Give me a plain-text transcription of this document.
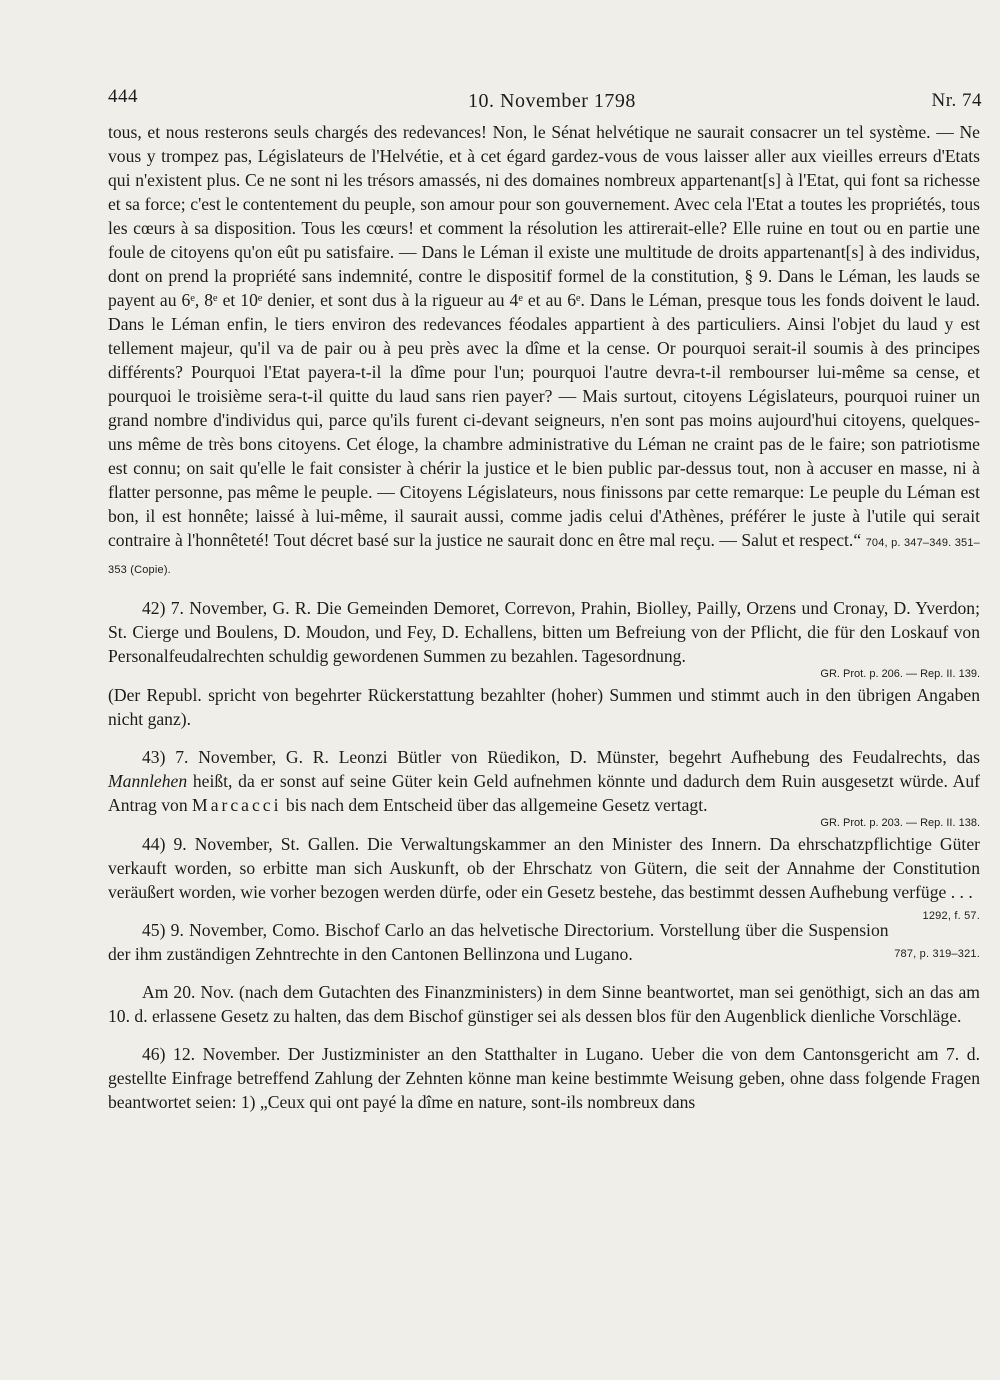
444	10. November 1798	Nr. 74

tous, et nous resterons seuls chargés des redevances! Non, le Sénat helvétique ne saurait consacrer un tel système. — Ne vous y trompez pas, Législateurs de l'Helvétie, et à cet égard gardez-vous de vous laisser aller aux vieilles erreurs d'Etats qui n'existent plus. Ce ne sont ni les trésors amassés, ni des domaines nombreux appartenant[s] à l'Etat, qui font sa richesse et sa force; c'est le contentement du peuple, son amour pour son gouvernement. Avec cela l'Etat a toutes les propriétés, tous les cœurs à sa disposition. Tous les cœurs! et comment la résolution les attirerait-elle? Elle ruine en tout ou en partie une foule de citoyens qu'on eût pu satisfaire. — Dans le Léman il existe une multitude de droits appartenant[s] à des individus, dont on prend la propriété sans indemnité, contre le dispositif formel de la constitution, § 9. Dans le Léman, les lauds se payent au 6ᵉ, 8ᵉ et 10ᵉ denier, et sont dus à la rigueur au 4ᵉ et au 6ᵉ. Dans le Léman, presque tous les fonds doivent le laud. Dans le Léman enfin, le tiers environ des redevances féodales appartient à des particuliers. Ainsi l'objet du laud y est tellement majeur, qu'il va de pair ou à peu près avec la dîme et la cense. Or pourquoi serait-il soumis à des principes différents? Pourquoi l'Etat payera-t-il la dîme pour l'un; pourquoi l'autre devra-t-il rembourser lui-même sa cense, et pourquoi le troisième sera-t-il quitte du laud sans rien payer? — Mais surtout, citoyens Législateurs, pourquoi ruiner un grand nombre d'individus qui, parce qu'ils furent ci-devant seigneurs, n'en sont pas moins aujourd'hui citoyens, quelques-uns même de très bons citoyens. Cet éloge, la chambre administrative du Léman ne craint pas de le faire; son patriotisme est connu; on sait qu'elle le fait consister à chérir la justice et le bien public par-dessus tout, non à accuser en masse, ni à flatter personne, pas même le peuple. — Citoyens Législateurs, nous finissons par cette remarque: Le peuple du Léman est bon, il est honnête; laissé à lui-même, il saurait aussi, comme jadis celui d'Athènes, préférer le juste à l'utile qui serait contraire à l'honnêteté! Tout décret basé sur la justice ne saurait donc en être mal reçu. — Salut et respect.“ 704, p. 347–349. 351–353 (Copie).

42) 7. November, G. R. Die Gemeinden Demoret, Correvon, Prahin, Biolley, Pailly, Orzens und Cronay, D. Yverdon; St. Cierge und Boulens, D. Moudon, und Fey, D. Echallens, bitten um Befreiung von der Pflicht, die für den Loskauf von Personalfeudalrechten schuldig gewordenen Summen zu bezahlen. Tagesordnung.
GR. Prot. p. 206. — Rep. II. 139.

(Der Republ. spricht von begehrter Rückerstattung bezahlter (hoher) Summen und stimmt auch in den übrigen Angaben nicht ganz).

43) 7. November, G. R. Leonzi Bütler von Rüedikon, D. Münster, begehrt Aufhebung des Feudalrechts, das Mannlehen heißt, da er sonst auf seine Güter kein Geld aufnehmen könnte und dadurch dem Ruin ausgesetzt würde. Auf Antrag von Marcacci bis nach dem Entscheid über das allgemeine Gesetz vertagt.
GR. Prot. p. 203. — Rep. II. 138.

44) 9. November, St. Gallen. Die Verwaltungskammer an den Minister des Innern. Da ehrschatzpflichtige Güter verkauft worden, so erbitte man sich Auskunft, ob der Ehrschatz von Gütern, die seit der Annahme der Constitution veräußert worden, wie vorher bezogen werden dürfe, oder ein Gesetz bestehe, das bestimmt dessen Aufhebung verfüge . . .
1292, f. 57.

45) 9. November, Como. Bischof Carlo an das helvetische Directorium. Vorstellung über die Suspension der ihm zuständigen Zehntrechte in den Cantonen Bellinzona und Lugano.	787, p. 319–321.

Am 20. Nov. (nach dem Gutachten des Finanzministers) in dem Sinne beantwortet, man sei genöthigt, sich an das am 10. d. erlassene Gesetz zu halten, das dem Bischof günstiger sei als dessen blos für den Augenblick dienliche Vorschläge.

46) 12. November. Der Justizminister an den Statthalter in Lugano. Ueber die von dem Cantonsgericht am 7. d. gestellte Einfrage betreffend Zahlung der Zehnten könne man keine bestimmte Weisung geben, ohne dass folgende Fragen beantwortet seien: 1) „Ceux qui ont payé la dîme en nature, sont-ils nombreux dans
